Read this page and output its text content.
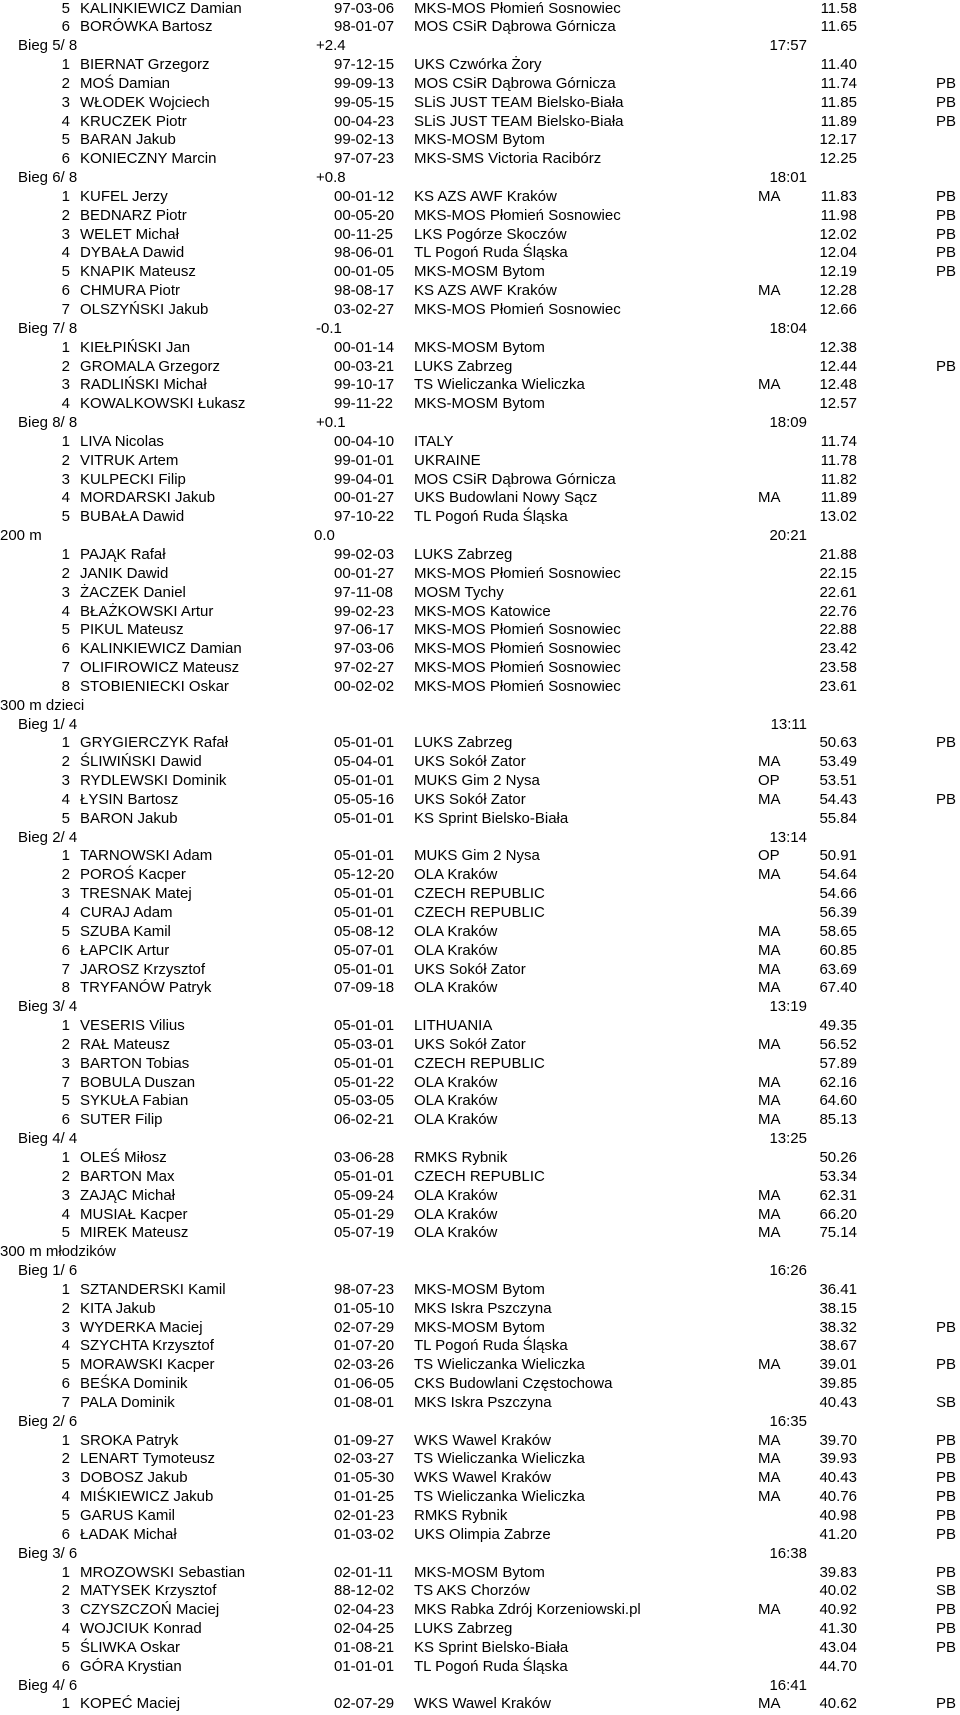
5 KALINKIEWICZ Damian	97-03-06 MKS-MOS Płomień Sosnowiec	11.58
6 BORÓWKA Bartosz	98-01-07 MOS CSiR Dąbrowa Górnicza	11.65
Bieg 5/ 8	+2.4	17:57
1 BIERNAT Grzegorz	97-12-15 UKS Czwórka Żory	11.40
2 MOŚ Damian	99-09-13 MOS CSiR Dąbrowa Górnicza	11.74	PB
3 WŁODEK Wojciech	99-05-15 SLiS JUST TEAM Bielsko-Biała	11.85	PB
4 KRUCZEK Piotr	00-04-23 SLiS JUST TEAM Bielsko-Biała	11.89	PB
5 BARAN Jakub	99-02-13 MKS-MOSM Bytom	12.17
6 KONIECZNY Marcin	97-07-23 MKS-SMS Victoria Racibórz	12.25
Bieg 6/ 8	+0.8	18:01
1 KUFEL Jerzy	00-01-12 KS AZS AWF Kraków	MA	11.83	PB
2 BEDNARZ Piotr	00-05-20 MKS-MOS Płomień Sosnowiec	11.98	PB
3 WELET Michał	00-11-25 LKS Pogórze Skoczów	12.02	PB
4 DYBAŁA Dawid	98-06-01 TL Pogoń Ruda Śląska	12.04	PB
5 KNAPIK Mateusz	00-01-05 MKS-MOSM Bytom	12.19	PB
6 CHMURA Piotr	98-08-17 KS AZS AWF Kraków	MA	12.28
7 OLSZYŃSKI Jakub	03-02-27 MKS-MOS Płomień Sosnowiec	12.66
Bieg 7/ 8	-0.1	18:04
1 KIEŁPIŃSKI Jan	00-01-14 MKS-MOSM Bytom	12.38
2 GROMALA Grzegorz	00-03-21 LUKS Zabrzeg	12.44	PB
3 RADLIŃSKI Michał	99-10-17 TS Wieliczanka Wieliczka	MA	12.48
4 KOWALKOWSKI Łukasz	99-11-22 MKS-MOSM Bytom	12.57
Bieg 8/ 8	+0.1	18:09
1 LIVA Nicolas	00-04-10 ITALY	11.74
2 VITRUK Artem	99-01-01 UKRAINE	11.78
3 KULPECKI Filip	99-04-01 MOS CSiR Dąbrowa Górnicza	11.82
4 MORDARSKI Jakub	00-01-27 UKS Budowlani Nowy Sącz	MA	11.89
5 BUBAŁA Dawid	97-10-22 TL Pogoń Ruda Śląska	13.02
200 m	0.0	20:21
1 PAJĄK Rafał	99-02-03 LUKS Zabrzeg	21.88
2 JANIK Dawid	00-01-27 MKS-MOS Płomień Sosnowiec	22.15
3 ŻACZEK Daniel	97-11-08 MOSM Tychy	22.61
4 BŁAŻKOWSKI Artur	99-02-23 MKS-MOS Katowice	22.76
5 PIKUL Mateusz	97-06-17 MKS-MOS Płomień Sosnowiec	22.88
6 KALINKIEWICZ Damian	97-03-06 MKS-MOS Płomień Sosnowiec	23.42
7 OLIFIROWICZ Mateusz	97-02-27 MKS-MOS Płomień Sosnowiec	23.58
8 STOBIENIECKI Oskar	00-02-02 MKS-MOS Płomień Sosnowiec	23.61
300 m dzieci
Bieg 1/ 4	13:11
1 GRYGIERCZYK Rafał	05-01-01 LUKS Zabrzeg	50.63	PB
2 ŚLIWIŃSKI Dawid	05-04-01 UKS Sokół Zator	MA	53.49
3 RYDLEWSKI Dominik	05-01-01 MUKS Gim 2 Nysa	OP	53.51
4 ŁYSIN Bartosz	05-05-16 UKS Sokół Zator	MA	54.43	PB
5 BARON Jakub	05-01-01 KS Sprint Bielsko-Biała	55.84
Bieg 2/ 4	13:14
1 TARNOWSKI Adam	05-01-01 MUKS Gim 2 Nysa	OP	50.91
2 POROŚ Kacper	05-12-20 OLA Kraków	MA	54.64
3 TRESNAK Matej	05-01-01 CZECH REPUBLIC	54.66
4 CURAJ Adam	05-01-01 CZECH REPUBLIC	56.39
5 SZUBA Kamil	05-08-12 OLA Kraków	MA	58.65
6 ŁAPCIK Artur	05-07-01 OLA Kraków	MA	60.85
7 JAROSZ Krzysztof	05-01-01 UKS Sokół Zator	MA	63.69
8 TRYFANÓW Patryk	07-09-18 OLA Kraków	MA	67.40
Bieg 3/ 4	13:19
1 VESERIS Vilius	05-01-01 LITHUANIA	49.35
2 RAŁ Mateusz	05-03-01 UKS Sokół Zator	MA	56.52
3 BARTON Tobias	05-01-01 CZECH REPUBLIC	57.89
7 BOBULA Duszan	05-01-22 OLA Kraków	MA	62.16
5 SYKUŁA Fabian	05-03-05 OLA Kraków	MA	64.60
6 SUTER Filip	06-02-21 OLA Kraków	MA	85.13
Bieg 4/ 4	13:25
1 OLEŚ Miłosz	03-06-28 RMKS Rybnik	50.26
2 BARTON Max	05-01-01 CZECH REPUBLIC	53.34
3 ZAJĄC Michał	05-09-24 OLA Kraków	MA	62.31
4 MUSIAŁ Kacper	05-01-29 OLA Kraków	MA	66.20
5 MIREK Mateusz	05-07-19 OLA Kraków	MA	75.14
300 m młodzików
Bieg 1/ 6	16:26
1 SZTANDERSKI Kamil	98-07-23 MKS-MOSM Bytom	36.41
2 KITA Jakub	01-05-10 MKS Iskra Pszczyna	38.15
3 WYDERKA Maciej	02-07-29 MKS-MOSM Bytom	38.32	PB
4 SZYCHTA Krzysztof	01-07-20 TL Pogoń Ruda Śląska	38.67
5 MORAWSKI Kacper	02-03-26 TS Wieliczanka Wieliczka	MA	39.01	PB
6 BEŚKA Dominik	01-06-05 CKS Budowlani Częstochowa	39.85
7 PALA Dominik	01-08-01 MKS Iskra Pszczyna	40.43	SB
Bieg 2/ 6	16:35
1 SROKA Patryk	01-09-27 WKS Wawel Kraków	MA	39.70	PB
2 LENART Tymoteusz	02-03-27 TS Wieliczanka Wieliczka	MA	39.93	PB
3 DOBOSZ Jakub	01-05-30 WKS Wawel Kraków	MA	40.43	PB
4 MIŚKIEWICZ Jakub	01-01-25 TS Wieliczanka Wieliczka	MA	40.76	PB
5 GARUS Kamil	02-01-23 RMKS Rybnik	40.98	PB
6 ŁADAK Michał	01-03-02 UKS Olimpia Zabrze	41.20	PB
Bieg 3/ 6	16:38
1 MROZOWSKI Sebastian	02-01-11 MKS-MOSM Bytom	39.83	PB
2 MATYSEK Krzysztof	88-12-02 TS AKS Chorzów	40.02	SB
3 CZYSZCZOŃ Maciej	02-04-23 MKS Rabka Zdrój Korzeniowski.pl	MA	40.92	PB
4 WOJCIUK Konrad	02-04-25 LUKS Zabrzeg	41.30	PB
5 ŚLIWKA Oskar	01-08-21 KS Sprint Bielsko-Biała	43.04	PB
6 GÓRA Krystian	01-01-01 TL Pogoń Ruda Śląska	44.70
Bieg 4/ 6	16:41
1 KOPEĆ Maciej	02-07-29 WKS Wawel Kraków	MA	40.62	PB
